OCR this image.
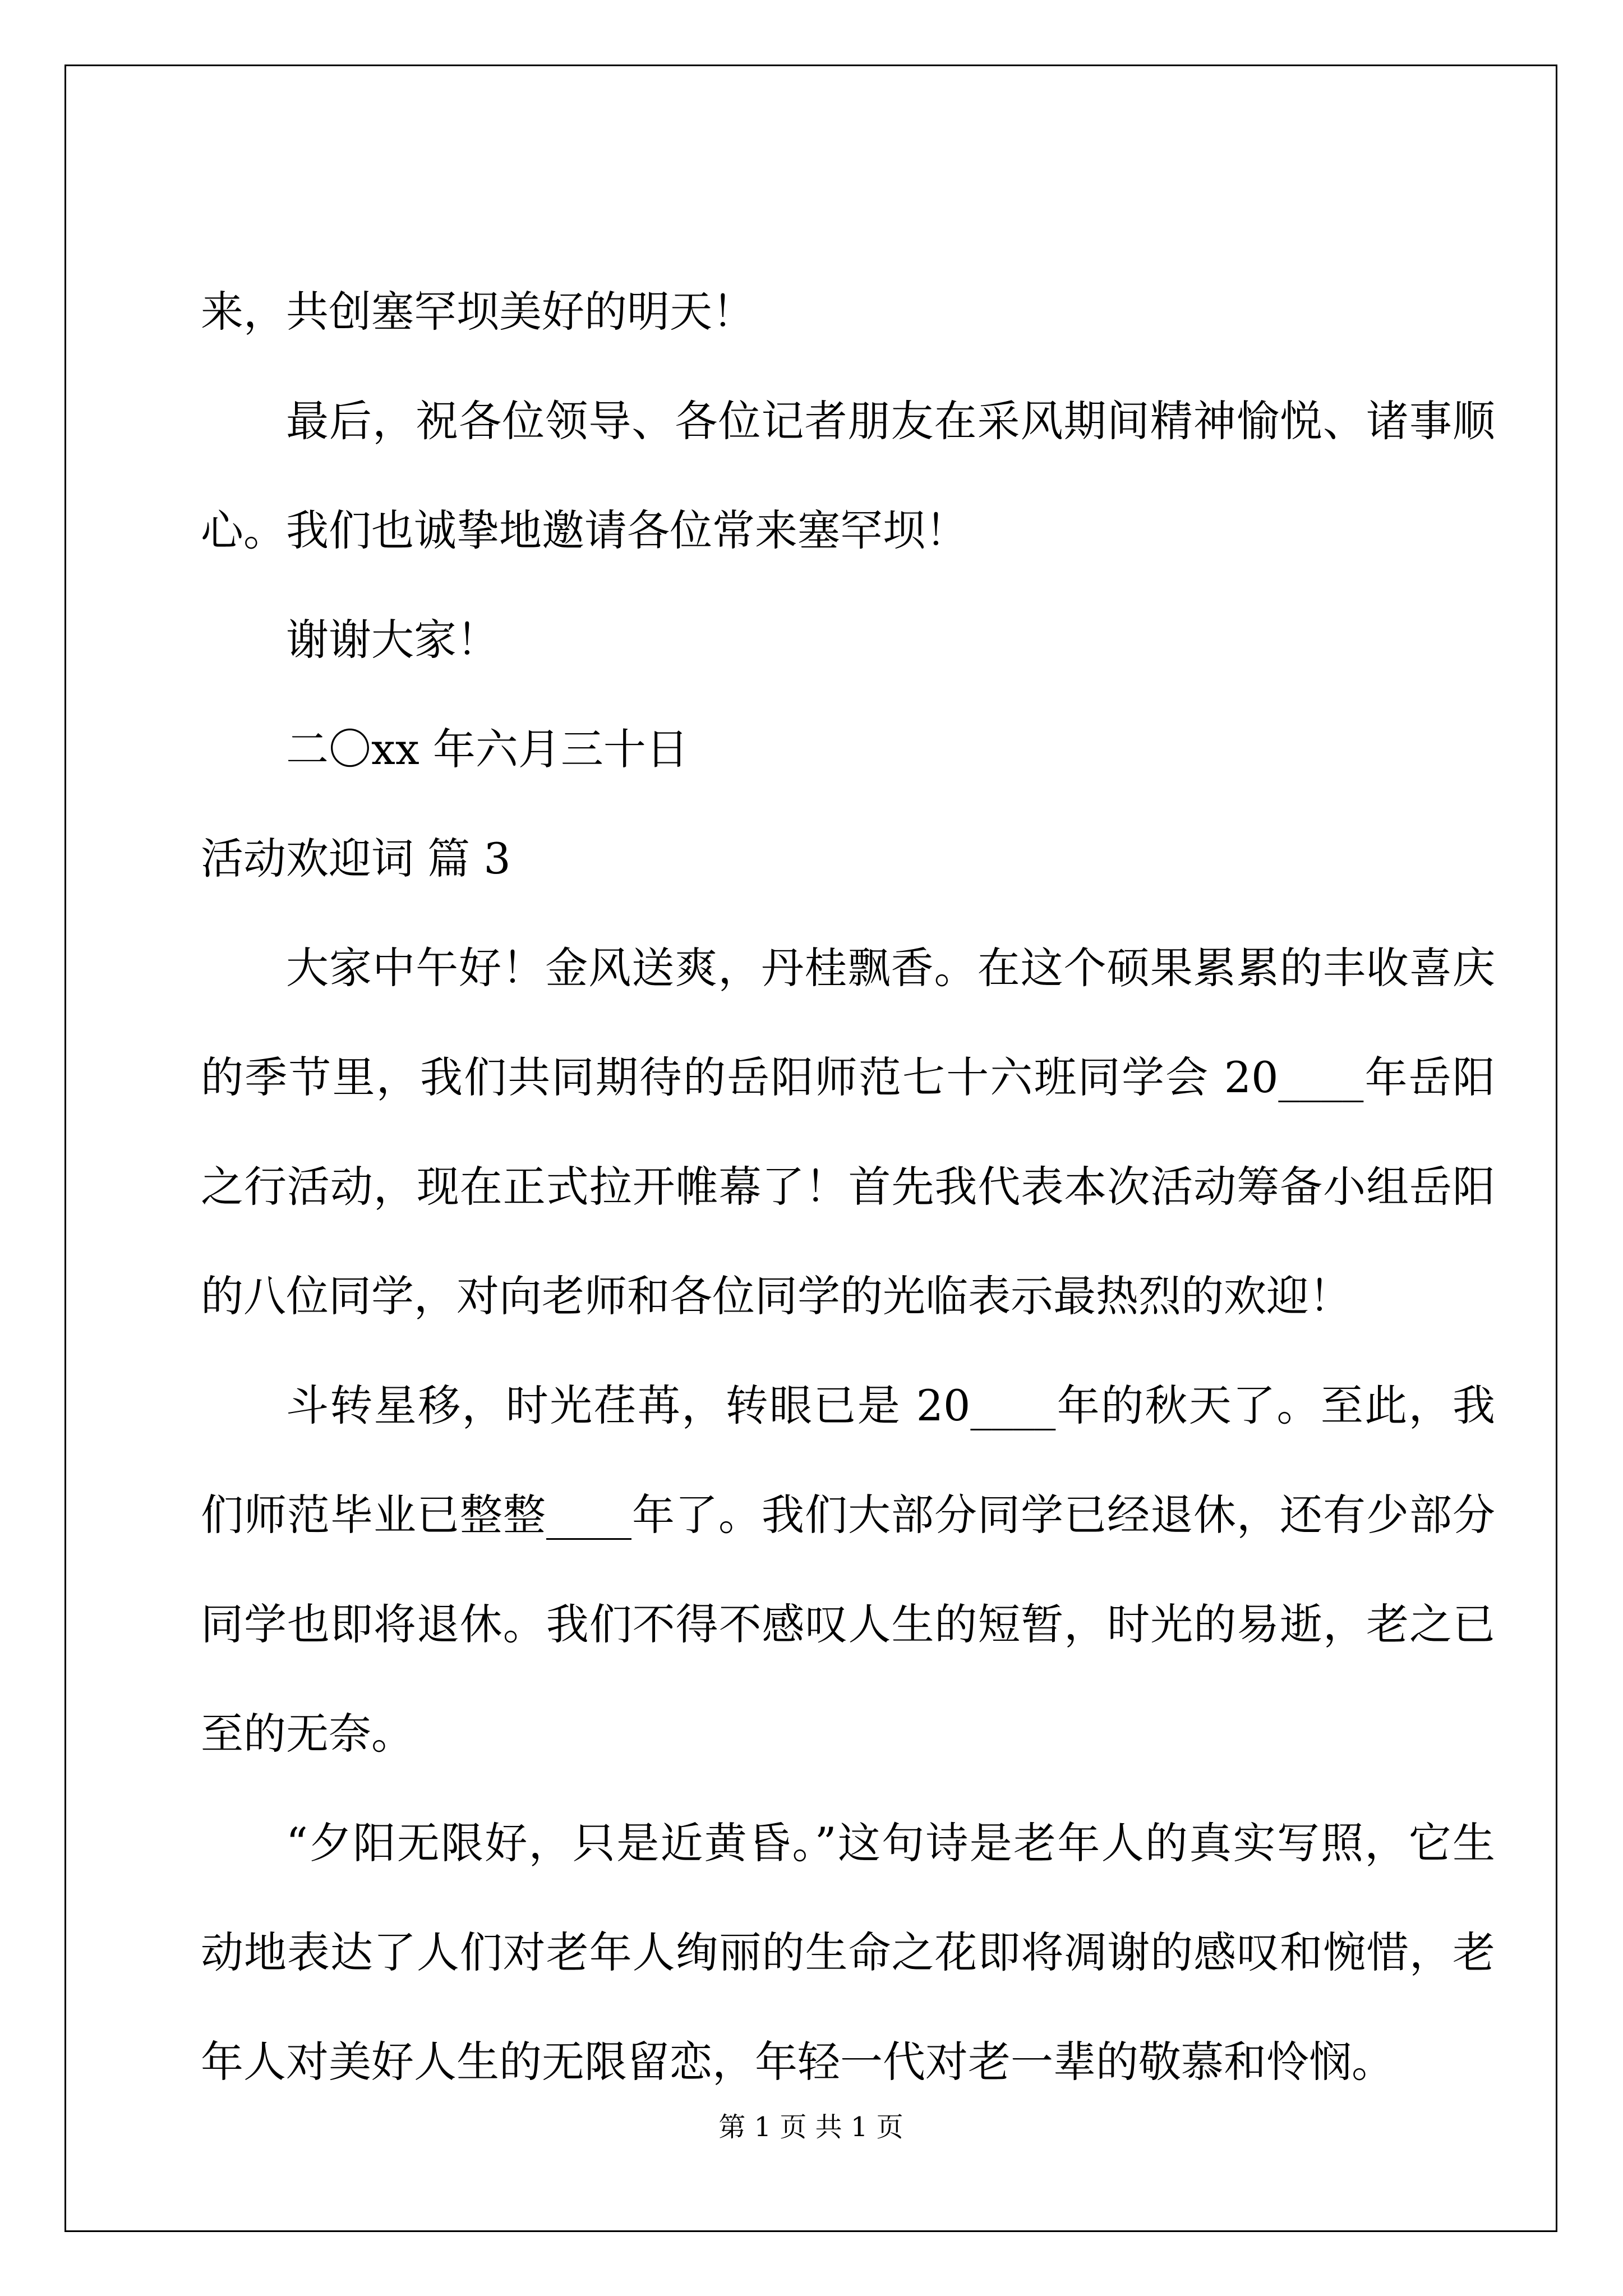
来，共创塞罕坝美好的明天！

最后，祝各位领导、各位记者朋友在采风期间精神愉悦、诸事顺心。我们也诚挚地邀请各位常来塞罕坝！

谢谢大家！

二〇xx 年六月三十日

活动欢迎词 篇 3

大家中午好！金风送爽，丹桂飘香。在这个硕果累累的丰收喜庆的季节里，我们共同期待的岳阳师范七十六班同学会 20____年岳阳之行活动，现在正式拉开帷幕了！首先我代表本次活动筹备小组岳阳的八位同学，对向老师和各位同学的光临表示最热烈的欢迎！

斗转星移，时光荏苒，转眼已是 20____年的秋天了。至此，我们师范毕业已整整____年了。我们大部分同学已经退休，还有少部分同学也即将退休。我们不得不感叹人生的短暂，时光的易逝，老之已至的无奈。

“夕阳无限好，只是近黄昏。”这句诗是老年人的真实写照，它生动地表达了人们对老年人绚丽的生命之花即将凋谢的感叹和惋惜，老年人对美好人生的无限留恋，年轻一代对老一辈的敬慕和怜悯。

第 1 页 共 1 页
